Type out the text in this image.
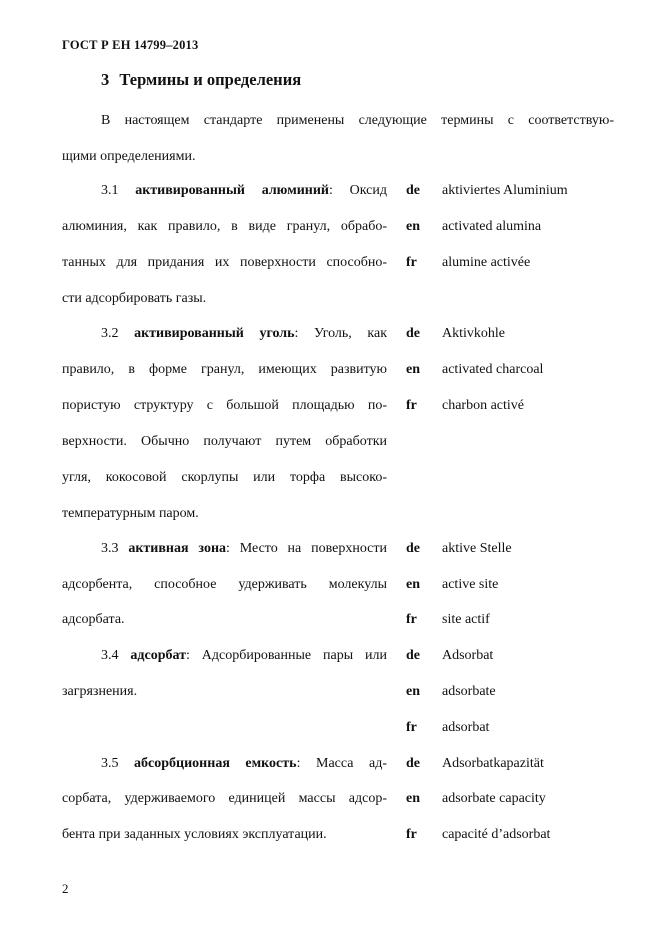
ГОСТ Р ЕН 14799–2013
3 Термины и определения
В настоящем стандарте применены следующие термины с соответствую-
щими определениями.
3.1 активированный алюминий: Оксид
алюминия, как правило, в виде гранул, обрабо-
танных для придания их поверхности способно-
сти адсорбировать газы.
de	aktiviertes Aluminium
en	activated alumina
fr	alumine activée
3.2 активированный уголь: Уголь, как
правило, в форме гранул, имеющих развитую
пористую структуру с большой площадью по-
верхности. Обычно получают путем обработки
угля, кокосовой скорлупы или торфа высоко-
температурным паром.
de	Aktivkohle
en	activated charcoal
fr	charbon activé
3.3 активная зона: Место на поверхности
адсорбента, способное удерживать молекулы
адсорбата.
de	aktive Stelle
en	active site
fr	site actif
3.4 адсорбат: Адсорбированные пары или
загрязнения.
de	Adsorbat
en	adsorbate
fr	adsorbat
3.5 абсорбционная емкость: Масса ад-
сорбата, удерживаемого единицей массы адсор-
бента при заданных условиях эксплуатации.
de	Adsorbatkapazität
en	adsorbate capacity
fr	capacité d’adsorbat
2
